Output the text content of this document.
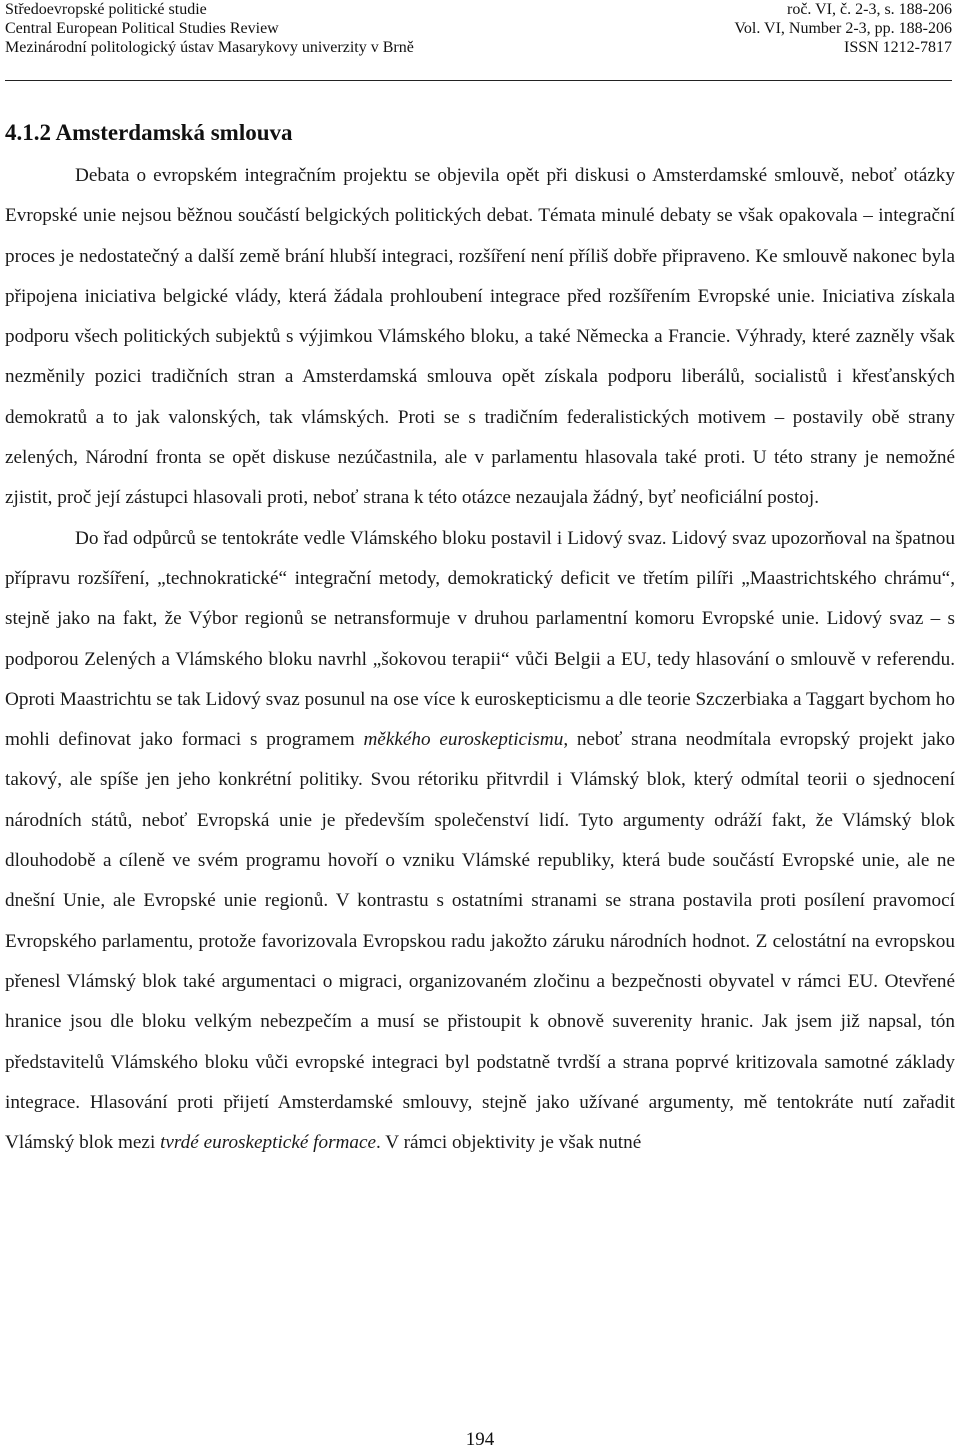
Středoevropské politické studie	roč. VI, č. 2-3, s. 188-206
Central European Political Studies Review	Vol. VI, Number 2-3, pp. 188-206
Mezinárodní politologický ústav Masarykovy univerzity v Brně	ISSN 1212-7817
4.1.2 Amsterdamská smlouva

Debata o evropském integračním projektu se objevila opět při diskusi o Amsterdamské smlouvě, neboť otázky Evropské unie nejsou běžnou součástí belgických politických debat. Témata minulé debaty se však opakovala – integrační proces je nedostatečný a další země brání hlubší integraci, rozšíření není příliš dobře připraveno. Ke smlouvě nakonec byla připojena iniciativa belgické vlády, která žádala prohloubení integrace před rozšířením Evropské unie. Iniciativa získala podporu všech politických subjektů s výjimkou Vlámského bloku, a také Německa a Francie. Výhrady, které zazněly však nezměnily pozici tradičních stran a Amsterdamská smlouva opět získala podporu liberálů, socialistů i křesťanských demokratů a to jak valonských, tak vlámských. Proti se s tradičním federalistických motivem – postavily obě strany zelených, Národní fronta se opět diskuse nezúčastnila, ale v parlamentu hlasovala také proti. U této strany je nemožné zjistit, proč její zástupci hlasovali proti, neboť strana k této otázce nezaujala žádný, byť neoficiální postoj.

Do řad odpůrců se tentokráte vedle Vlámského bloku postavil i Lidový svaz. Lidový svaz upozorňoval na špatnou přípravu rozšíření, „technokratické“ integrační metody, demokratický deficit ve třetím pilíři „Maastrichtského chrámu“, stejně jako na fakt, že Výbor regionů se netransformuje v druhou parlamentní komoru Evropské unie. Lidový svaz – s podporou Zelených a Vlámského bloku navrhl „šokovou terapii“ vůči Belgii a EU, tedy hlasování o smlouvě v referendu. Oproti Maastrichtu se tak Lidový svaz posunul na ose více k euroskepticismu a dle teorie Szczerbiaka a Taggart bychom ho mohli definovat jako formaci s programem měkkého euroskepticismu, neboť strana neodmítala evropský projekt jako takový, ale spíše jen jeho konkrétní politiky. Svou rétoriku přitvrdil i Vlámský blok, který odmítal teorii o sjednocení národních států, neboť Evropská unie je především společenství lidí. Tyto argumenty odráží fakt, že Vlámský blok dlouhodobě a cíleně ve svém programu hovoří o vzniku Vlámské republiky, která bude součástí Evropské unie, ale ne dnešní Unie, ale Evropské unie regionů. V kontrastu s ostatními stranami se strana postavila proti posílení pravomocí Evropského parlamentu, protože favorizovala Evropskou radu jakožto záruku národních hodnot. Z celostátní na evropskou přenesl Vlámský blok také argumentaci o migraci, organizovaném zločinu a bezpečnosti obyvatel v rámci EU. Otevřené hranice jsou dle bloku velkým nebezpečím a musí se přistoupit k obnově suverenity hranic. Jak jsem již napsal, tón představitelů Vlámského bloku vůči evropské integraci byl podstatně tvrdší a strana poprvé kritizovala samotné základy integrace. Hlasování proti přijetí Amsterdamské smlouvy, stejně jako užívané argumenty, mě tentokráte nutí zařadit Vlámský blok mezi tvrdé euroskeptické formace. V rámci objektivity je však nutné

194
